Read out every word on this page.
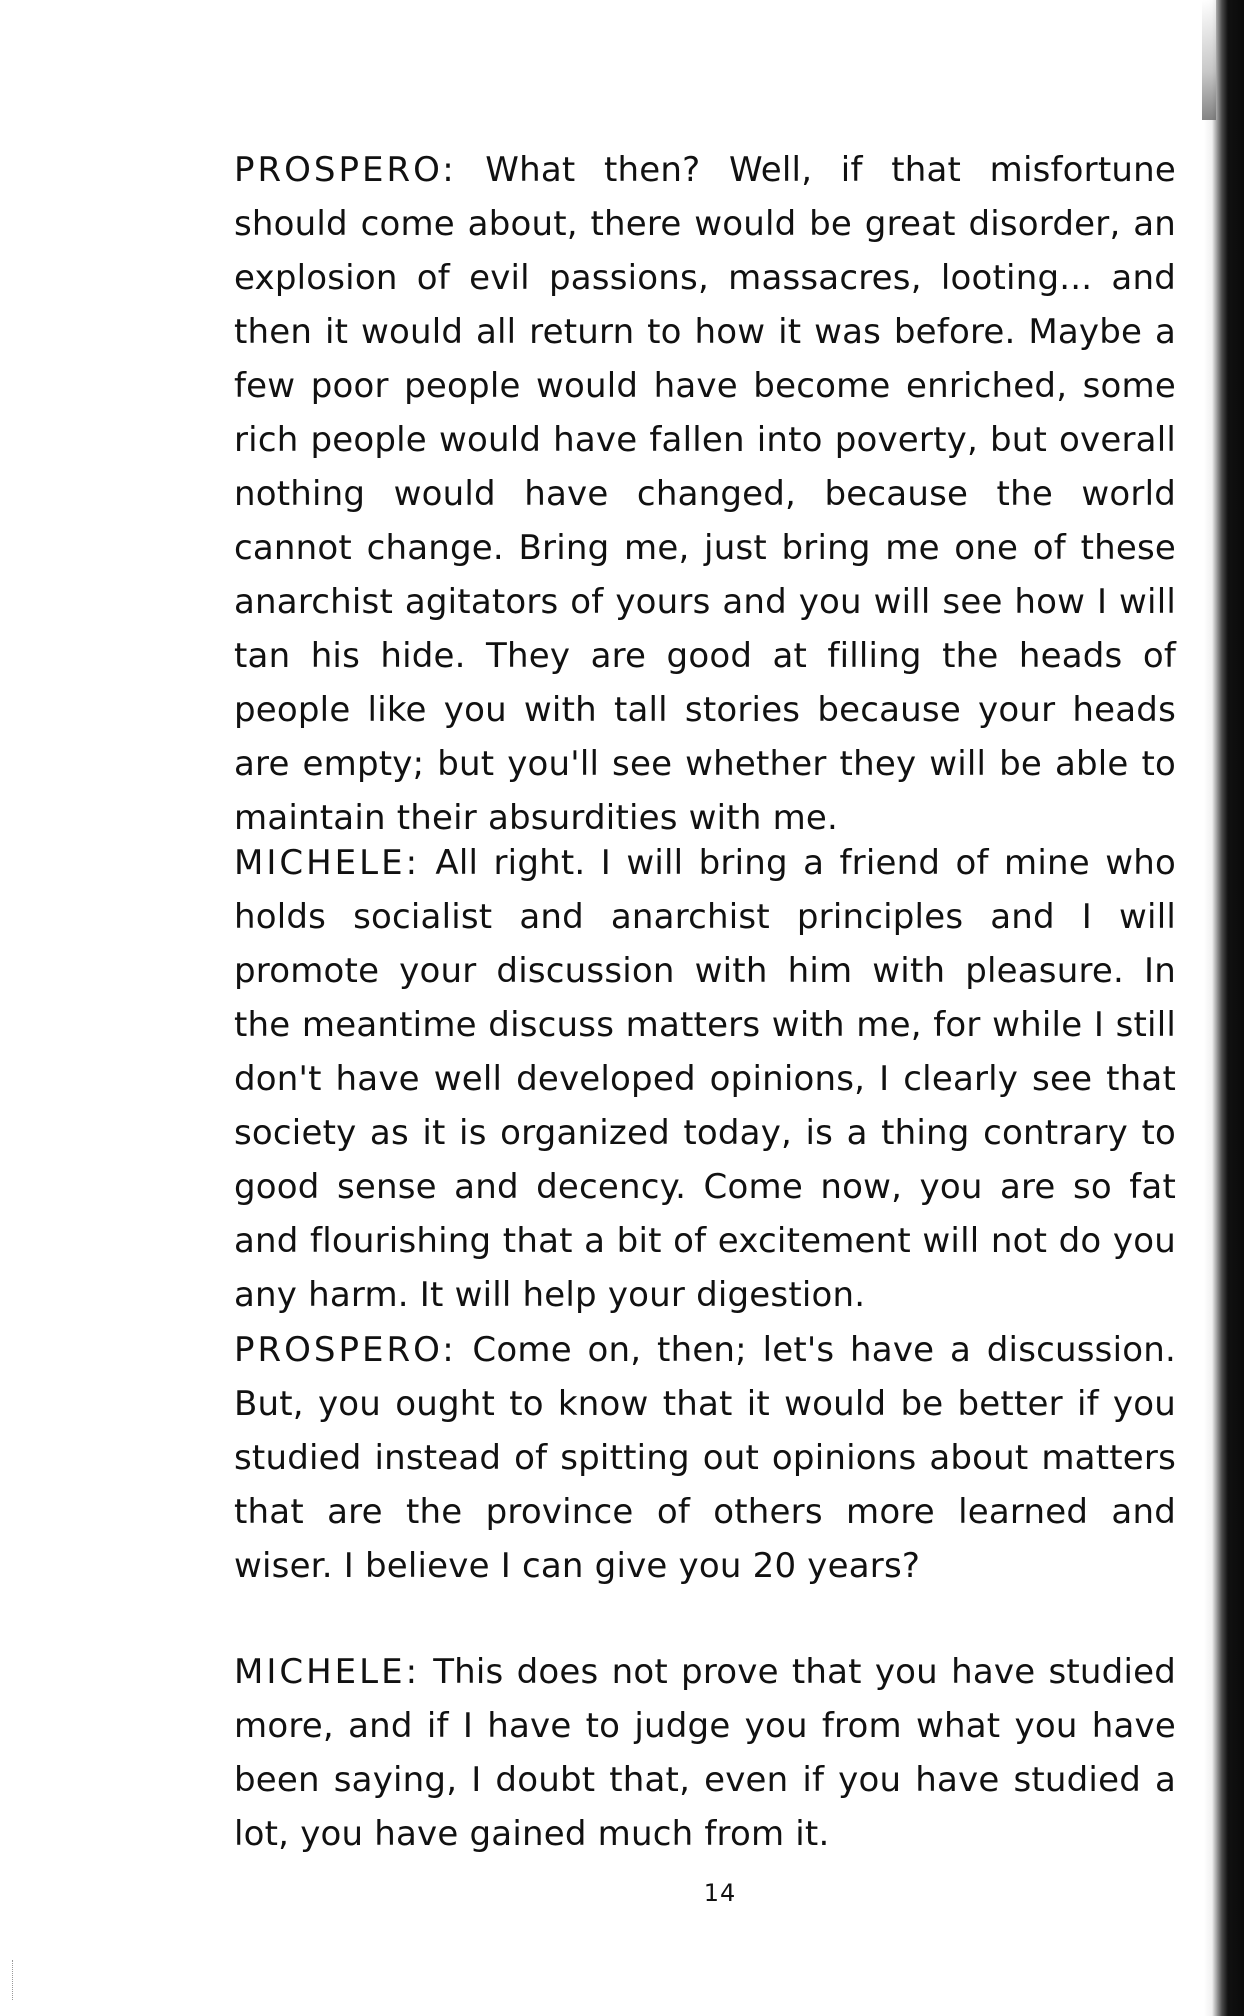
PROSPERO: What then? Well, if that misfortune should come about, there would be great disorder, an explosion of evil passions, massacres, looting... and then it would all return to how it was before. Maybe a few poor people would have become enriched, some rich people would have fallen into poverty, but overall nothing would have changed, because the world cannot change. Bring me, just bring me one of these anarchist agitators of yours and you will see how I will tan his hide. They are good at filling the heads of people like you with tall stories because your heads are empty; but you'll see whether they will be able to maintain their absurdities with me.

MICHELE: All right. I will bring a friend of mine who holds socialist and anarchist principles and I will promote your discussion with him with pleasure. In the meantime discuss matters with me, for while I still don't have well developed opinions, I clearly see that society as it is organized today, is a thing contrary to good sense and decency. Come now, you are so fat and flourishing that a bit of excitement will not do you any harm. It will help your digestion.

PROSPERO: Come on, then; let's have a discussion. But, you ought to know that it would be better if you studied instead of spitting out opinions about matters that are the province of others more learned and wiser. I believe I can give you 20 years?

MICHELE: This does not prove that you have studied more, and if I have to judge you from what you have been saying, I doubt that, even if you have studied a lot, you have gained much from it.

14
